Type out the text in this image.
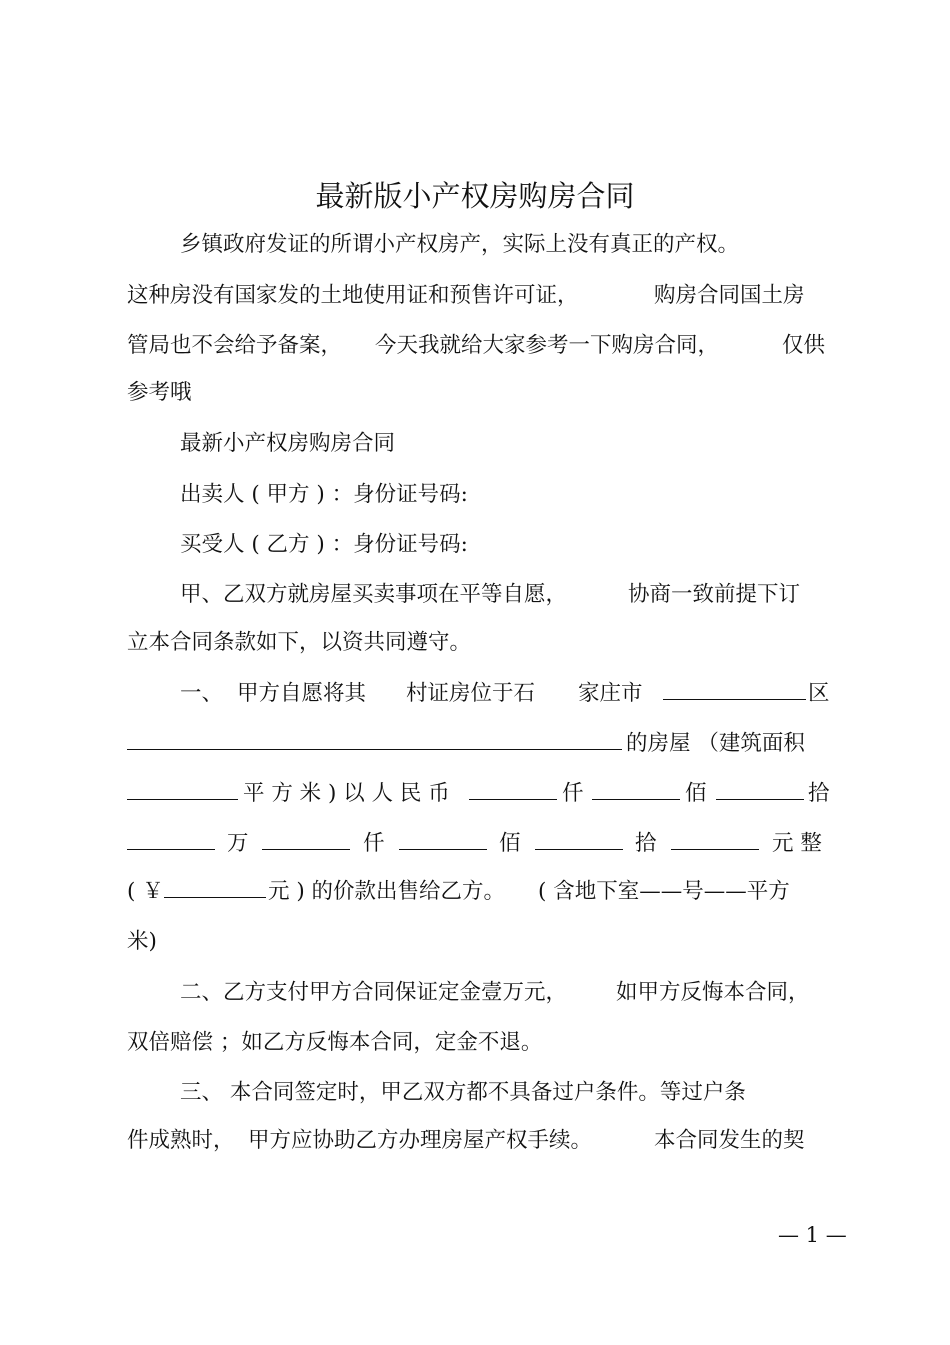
最新版小产权房购房合同
乡镇政府发证的所谓小产权房产，实际上没有真正的产权。
这种房没有国家发的土地使用证和预售许可证，	购房合同国土房
管局也不会给予备案， 今天我就给大家参考一下购房合同，	仅供
参考哦
最新小产权房购房合同
出卖人 ( 甲方 ) ：身份证号码:
买受人 ( 乙方 ) ：身份证号码:
甲、乙双方就房屋买卖事项在平等自愿，	协商一致前提下订
立本合同条款如下，以资共同遵守。
一、 甲方自愿将其 村证房位于石 家庄市	区
的房屋 （建筑面积
平 方 米 ) 以 人 民 币	仟	佰	拾
万	仟	佰	拾	元 整
( ￥	元 ) 的价款出售给乙方。 ( 含地下室——号——平方
米)
二、乙方支付甲方合同保证定金壹万元， 如甲方反悔本合同，
双倍赔偿 ；如乙方反悔本合同，定金不退。
三、 本合同签定时，甲乙双方都不具备过户条件。等过户条
件成熟时， 甲方应协助乙方办理房屋产权手续。	本合同发生的契
— 1 —
